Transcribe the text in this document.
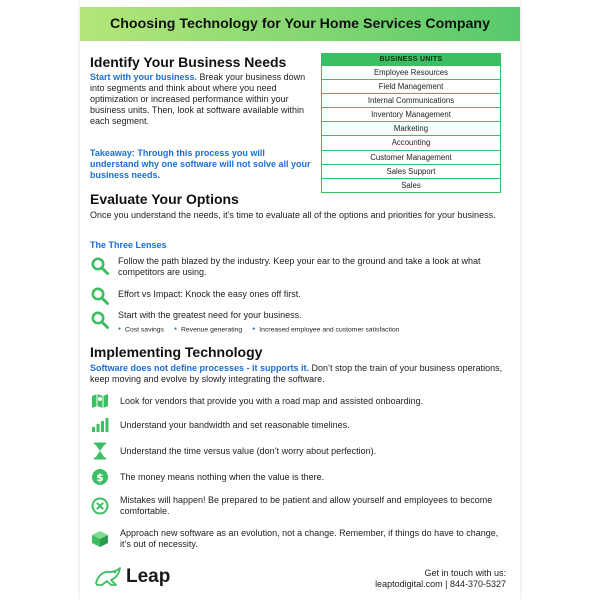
Choosing Technology for Your Home Services Company
Identify Your Business Needs

Start with your business. Break your business down into segments and think about where you need optimization or increased performance within your business units. Then, look at software available within each segment.

Takeaway: Through this process you will understand why one software will not solve all your business needs.

BUSINESS UNITS
Employee Resources
Field Management
Internal Communications
Inventory Management
Marketing
Accounting
Customer Management
Sales Support
Sales
Evaluate Your Options

Once you understand the needs, it’s time to evaluate all of the options and priorities for your business.

The Three Lenses

Follow the path blazed by the industry. Keep your ear to the ground and take a look at what competitors are using.
Effort vs Impact: Knock the easy ones off first.
Start with the greatest need for your business.
● Cost savings	● Revenue generating	● Increased employee and customer satisfaction
Implementing Technology

Software does not define processes - it supports it. Don’t stop the train of your business operations, keep moving and evolve by slowly integrating the software.

Look for vendors that provide you with a road map and assisted onboarding.
Understand your bandwidth and set reasonable timelines.
Understand the time versus value (don’t worry about perfection).
$	The money means nothing when the value is there.
Mistakes will happen! Be prepared to be patient and allow yourself and employees to become comfortable.
Approach new software as an evolution, not a change. Remember, if things do have to change, it’s out of necessity.
Leap	Get in touch with us:
leaptodigital.com | 844-370-5327
